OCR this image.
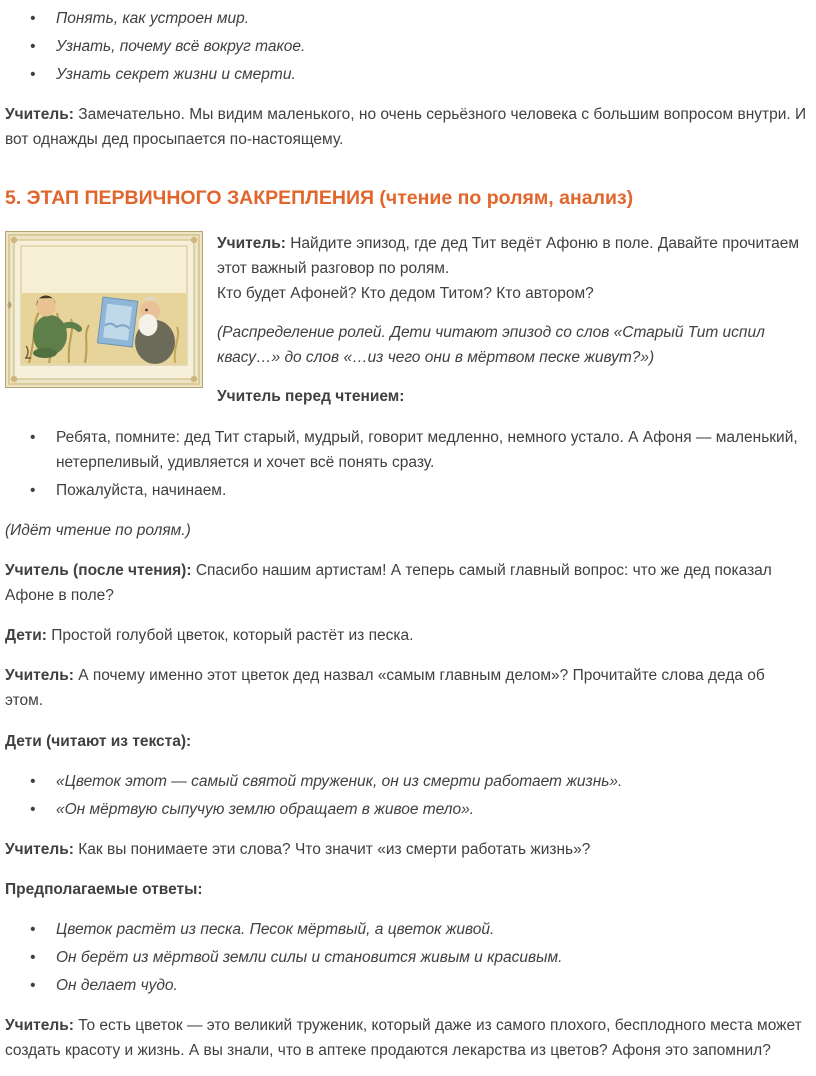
• Понять, как устроен мир.
• Узнать, почему всё вокруг такое.
• Узнать секрет жизни и смерти.

Учитель: Замечательно. Мы видим маленького, но очень серьёзного человека с большим вопросом внутри. И вот однажды дед просыпается по-настоящему.

5. ЭТАП ПЕРВИЧНОГО ЗАКРЕПЛЕНИЯ (чтение по ролям, анализ)

Учитель: Найдите эпизод, где дед Тит ведёт Афоню в поле. Давайте прочитаем этот важный разговор по ролям.
Кто будет Афоней? Кто дедом Титом? Кто автором?

(Распределение ролей. Дети читают эпизод со слов «Старый Тит испил квасу…» до слов «…из чего они в мёртвом песке живут?»)

Учитель перед чтением:

• Ребята, помните: дед Тит старый, мудрый, говорит медленно, немного устало. А Афоня — маленький, нетерпеливый, удивляется и хочет всё понять сразу.
• Пожалуйста, начинаем.

(Идёт чтение по ролям.)

Учитель (после чтения): Спасибо нашим артистам! А теперь самый главный вопрос: что же дед показал Афоне в поле?

Дети: Простой голубой цветок, который растёт из песка.

Учитель: А почему именно этот цветок дед назвал «самым главным делом»? Прочитайте слова деда об этом.

Дети (читают из текста):

• «Цветок этот — самый святой труженик, он из смерти работает жизнь».
• «Он мёртвую сыпучую землю обращает в живое тело».

Учитель: Как вы понимаете эти слова? Что значит «из смерти работать жизнь»?

Предполагаемые ответы:

• Цветок растёт из песка. Песок мёртвый, а цветок живой.
• Он берёт из мёртвой земли силы и становится живым и красивым.
• Он делает чудо.

Учитель: То есть цветок — это великий труженик, который даже из самого плохого, бесплодного места может создать красоту и жизнь. А вы знали, что в аптеке продаются лекарства из цветов? Афоня это запомнил?
